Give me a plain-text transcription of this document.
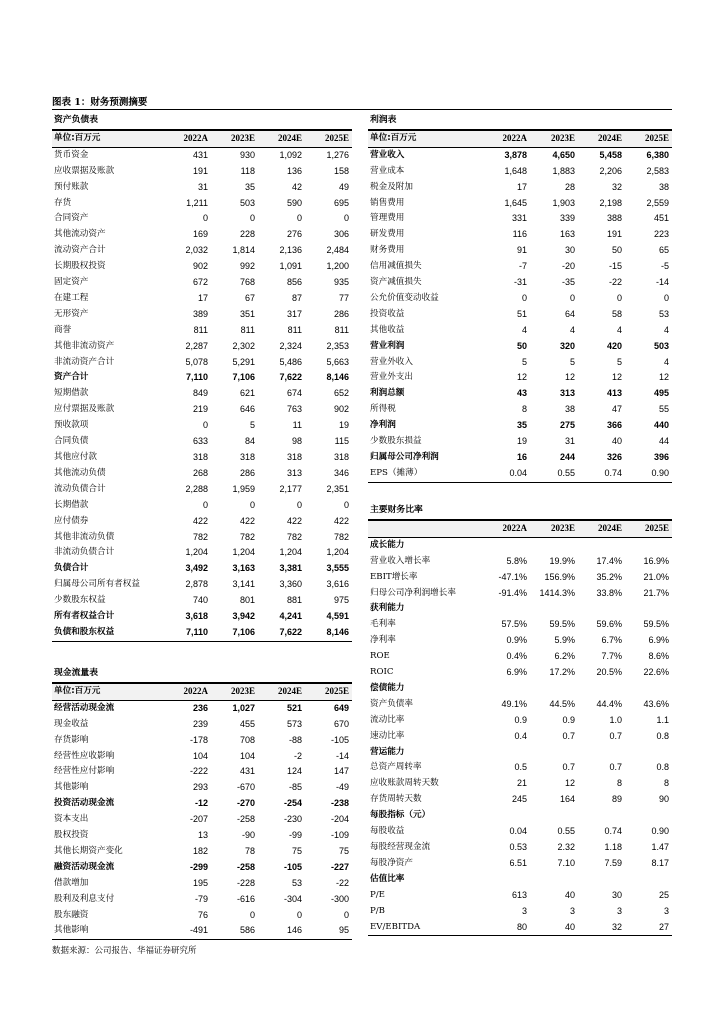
图表 1：财务预测摘要
资产负债表
单位:百万元	2022A	2023E	2024E	2025E
货币资金	431	930	1,092	1,276
应收票据及账款	191	118	136	158
预付账款	31	35	42	49
存货	1,211	503	590	695
合同资产	0	0	0	0
其他流动资产	169	228	276	306
流动资产合计	2,032	1,814	2,136	2,484
长期股权投资	902	992	1,091	1,200
固定资产	672	768	856	935
在建工程	17	67	87	77
无形资产	389	351	317	286
商誉	811	811	811	811
其他非流动资产	2,287	2,302	2,324	2,353
非流动资产合计	5,078	5,291	5,486	5,663
资产合计	7,110	7,106	7,622	8,146
短期借款	849	621	674	652
应付票据及账款	219	646	763	902
预收款项	0	5	11	19
合同负债	633	84	98	115
其他应付款	318	318	318	318
其他流动负债	268	286	313	346
流动负债合计	2,288	1,959	2,177	2,351
长期借款	0	0	0	0
应付债券	422	422	422	422
其他非流动负债	782	782	782	782
非流动负债合计	1,204	1,204	1,204	1,204
负债合计	3,492	3,163	3,381	3,555
归属母公司所有者权益	2,878	3,141	3,360	3,616
少数股东权益	740	801	881	975
所有者权益合计	3,618	3,942	4,241	4,591
负债和股东权益	7,110	7,106	7,622	8,146
现金流量表
单位:百万元	2022A	2023E	2024E	2025E
经营活动现金流	236	1,027	521	649
现金收益	239	455	573	670
存货影响	-178	708	-88	-105
经营性应收影响	104	104	-2	-14
经营性应付影响	-222	431	124	147
其他影响	293	-670	-85	-49
投资活动现金流	-12	-270	-254	-238
资本支出	-207	-258	-230	-204
股权投资	13	-90	-99	-109
其他长期资产变化	182	78	75	75
融资活动现金流	-299	-258	-105	-227
借款增加	195	-228	53	-22
股利及利息支付	-79	-616	-304	-300
股东融资	76	0	0	0
其他影响	-491	586	146	95
利润表
单位:百万元	2022A	2023E	2024E	2025E
营业收入	3,878	4,650	5,458	6,380
营业成本	1,648	1,883	2,206	2,583
税金及附加	17	28	32	38
销售费用	1,645	1,903	2,198	2,559
管理费用	331	339	388	451
研发费用	116	163	191	223
财务费用	91	30	50	65
信用减值损失	-7	-20	-15	-5
资产减值损失	-31	-35	-22	-14
公允价值变动收益	0	0	0	0
投资收益	51	64	58	53
其他收益	4	4	4	4
营业利润	50	320	420	503
营业外收入	5	5	5	4
营业外支出	12	12	12	12
利润总额	43	313	413	495
所得税	8	38	47	55
净利润	35	275	366	440
少数股东损益	19	31	40	44
归属母公司净利润	16	244	326	396
EPS（摊薄）	0.04	0.55	0.74	0.90
主要财务比率
	2022A	2023E	2024E	2025E
成长能力				
营业收入增长率	5.8%	19.9%	17.4%	16.9%
EBIT增长率	-47.1%	156.9%	35.2%	21.0%
归母公司净利润增长率	-91.4%	1414.3%	33.8%	21.7%
获利能力				
毛利率	57.5%	59.5%	59.6%	59.5%
净利率	0.9%	5.9%	6.7%	6.9%
ROE	0.4%	6.2%	7.7%	8.6%
ROIC	6.9%	17.2%	20.5%	22.6%
偿债能力				
资产负债率	49.1%	44.5%	44.4%	43.6%
流动比率	0.9	0.9	1.0	1.1
速动比率	0.4	0.7	0.7	0.8
营运能力				
总资产周转率	0.5	0.7	0.7	0.8
应收账款周转天数	21	12	8	8
存货周转天数	245	164	89	90
每股指标（元）				
每股收益	0.04	0.55	0.74	0.90
每股经营现金流	0.53	2.32	1.18	1.47
每股净资产	6.51	7.10	7.59	8.17
估值比率				
P/E	613	40	30	25
P/B	3	3	3	3
EV/EBITDA	80	40	32	27
数据来源：公司报告、华福证券研究所
